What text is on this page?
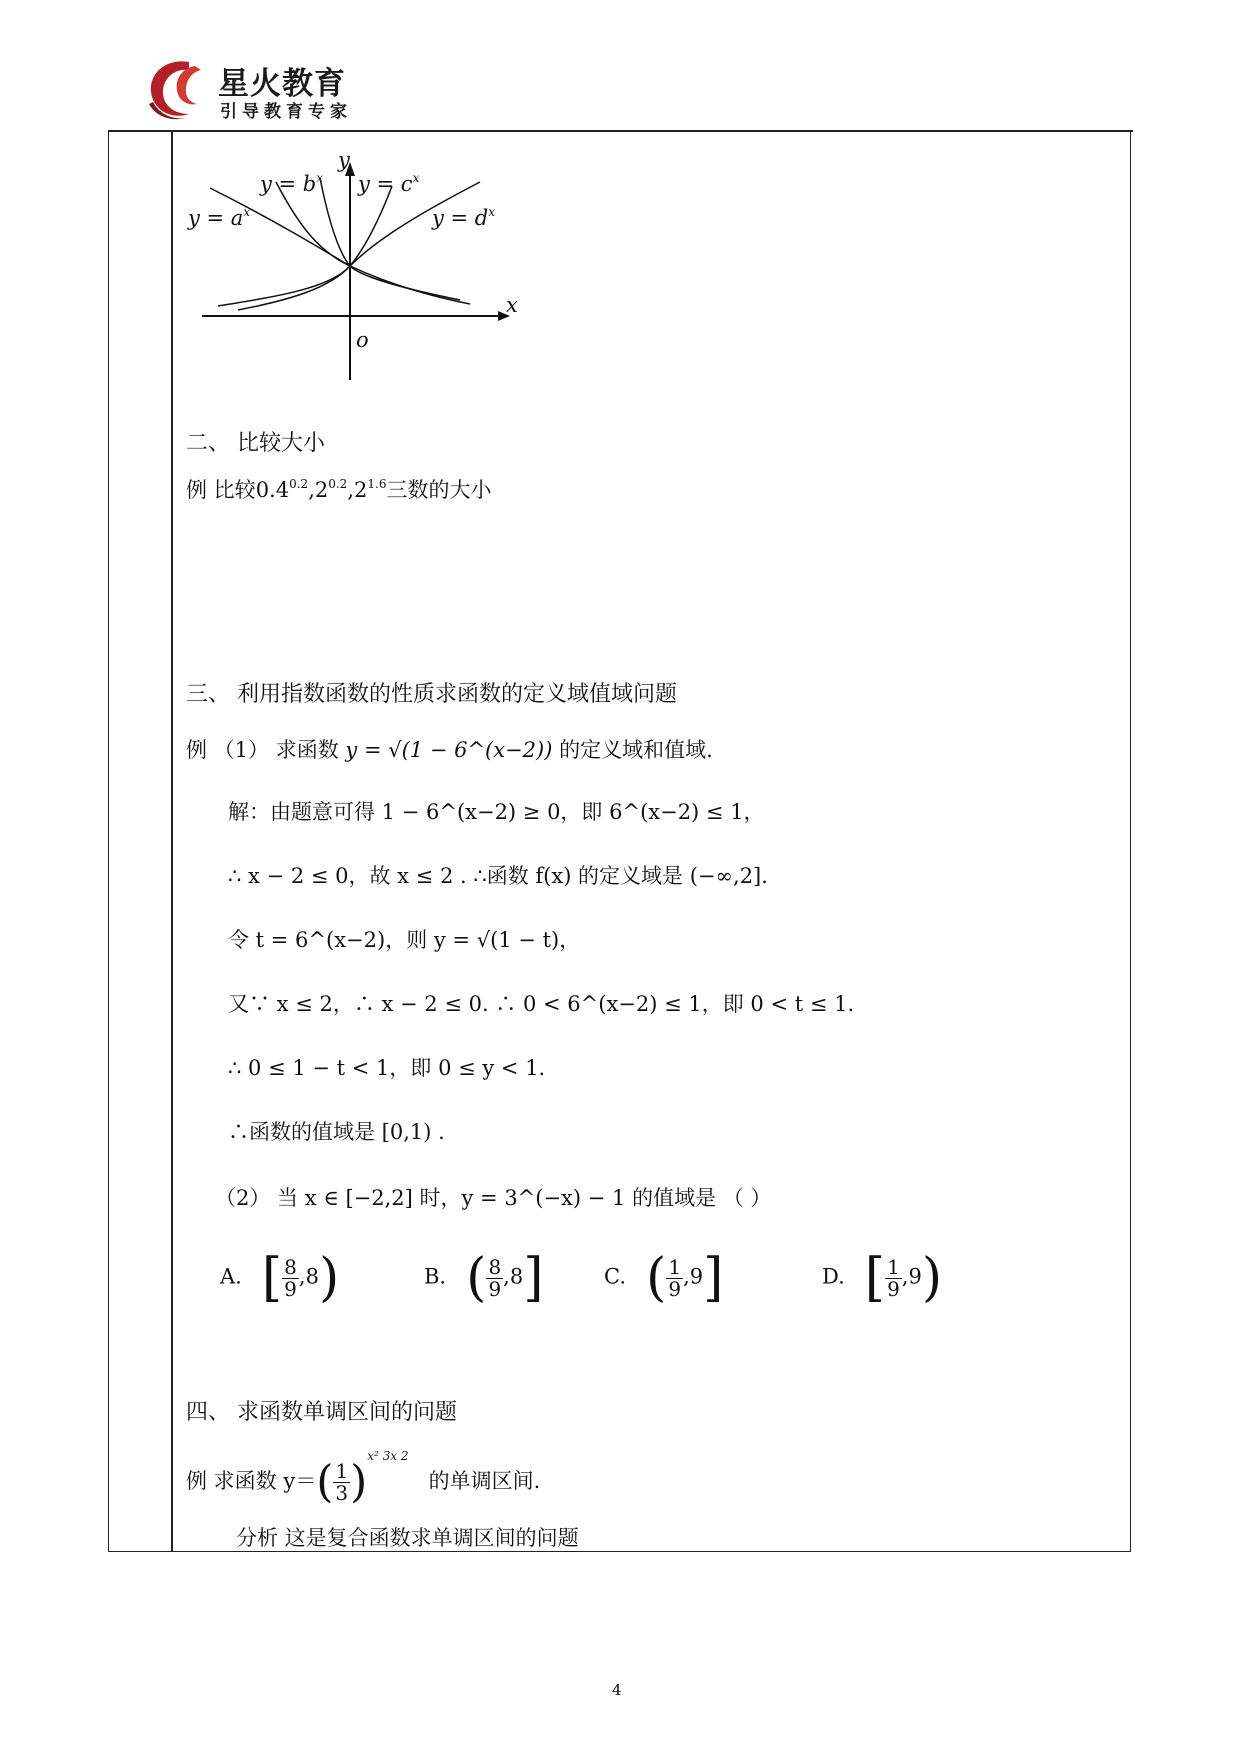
星火教育
引导教育专家
$y = a^x$
$y = b^x$ $y = c^x$
$y = d^x$
x
y
o
二、 比较大小
例 比较$0.4^{0.2},2^{0.2},2^{1.6}$三数的大小
三、 利用指数函数的性质求函数的定义域值域问题
例 （1） 求函数 y = √(1 − 6^(x−2)) 的定义域和值域.
解：由题意可得 1 − 6^(x−2) ≥ 0，即 6^(x−2) ≤ 1，
∴ x − 2 ≤ 0，故 x ≤ 2 . ∴函数 f(x) 的定义域是 (−∞,2].
令 t = 6^(x−2)，则 y = √(1 − t)，
又∵ x ≤ 2，∴ x − 2 ≤ 0. ∴ 0 < 6^(x−2) ≤ 1，即 0 < t ≤ 1.
∴ 0 ≤ 1 − t < 1，即 0 ≤ y < 1.
∴函数的值域是 [0,1) .
（2） 当 x ∈ [−2,2] 时，y = 3^(−x) − 1 的值域是 （ ）
A. [ $\frac{8}{9} ,8$)	B. ( $\frac{8}{9} ,8$]	C. ( $\frac{1}{9} ,9$]	D. [ $\frac{1}{9} ,9$)
四、 求函数单调区间的问题
例 求函数 $y=( \frac{1}{3} )^{x^2 3x 2}$   的单调区间.
分析 这是复合函数求单调区间的问题
4
